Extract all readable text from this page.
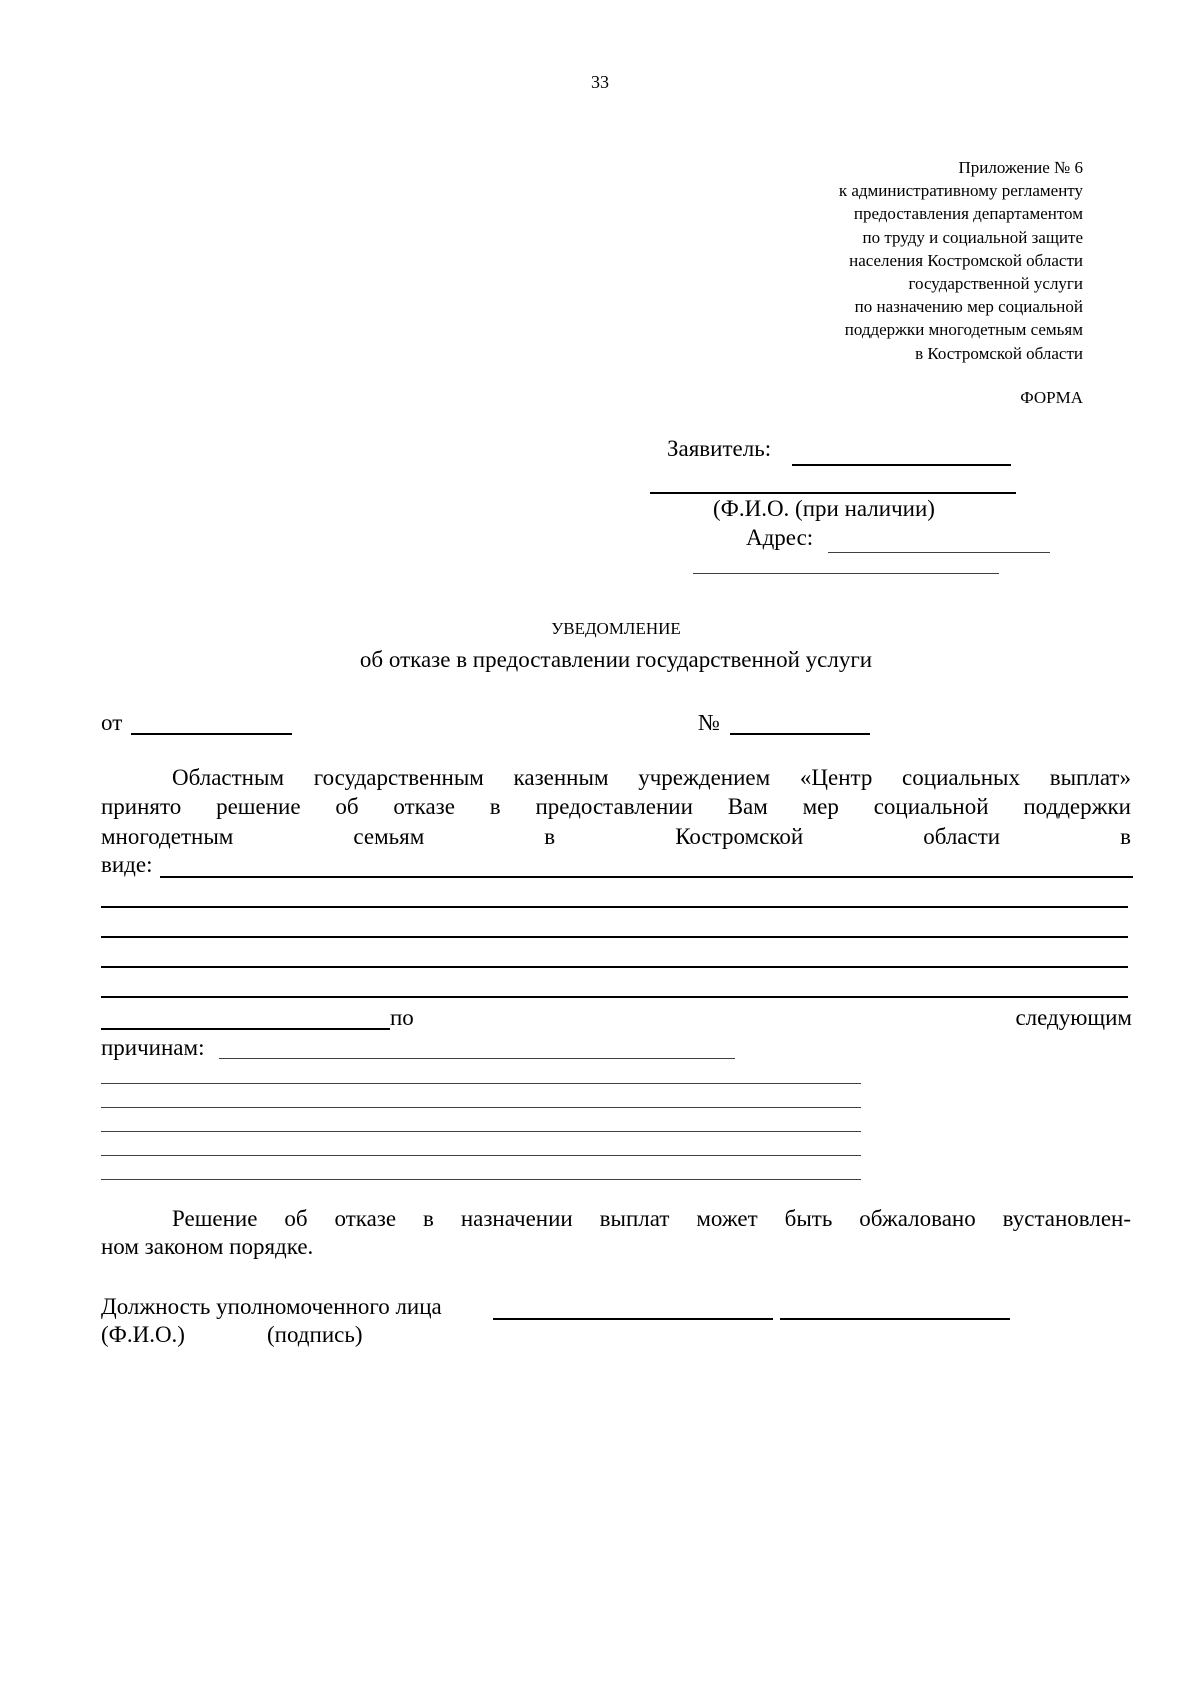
33
Приложение № 6
к административному регламенту
предоставления департаментом
по труду и социальной защите
населения Костромской области
государственной услуги
по назначению мер социальной
поддержки многодетным семьям
в Костромской области
ФОРМА
Заявитель:
(Ф.И.О. (при наличии)
Адрес:
УВЕДОМЛЕНИЕ
об отказе в предоставлении государственной услуги
от	№
Областным государственным казенным учреждением «Центр социальных выплат»
принято решение об отказе в предоставлении Вам мер социальной поддержки
многодетным семьям в Костромской области в
виде:
по	следующим
причинам:
Решение об отказе в назначении выплат может быть обжаловано вустановлен-
ном законом порядке.
Должность уполномоченного лица
(Ф.И.О.)	(подпись)
